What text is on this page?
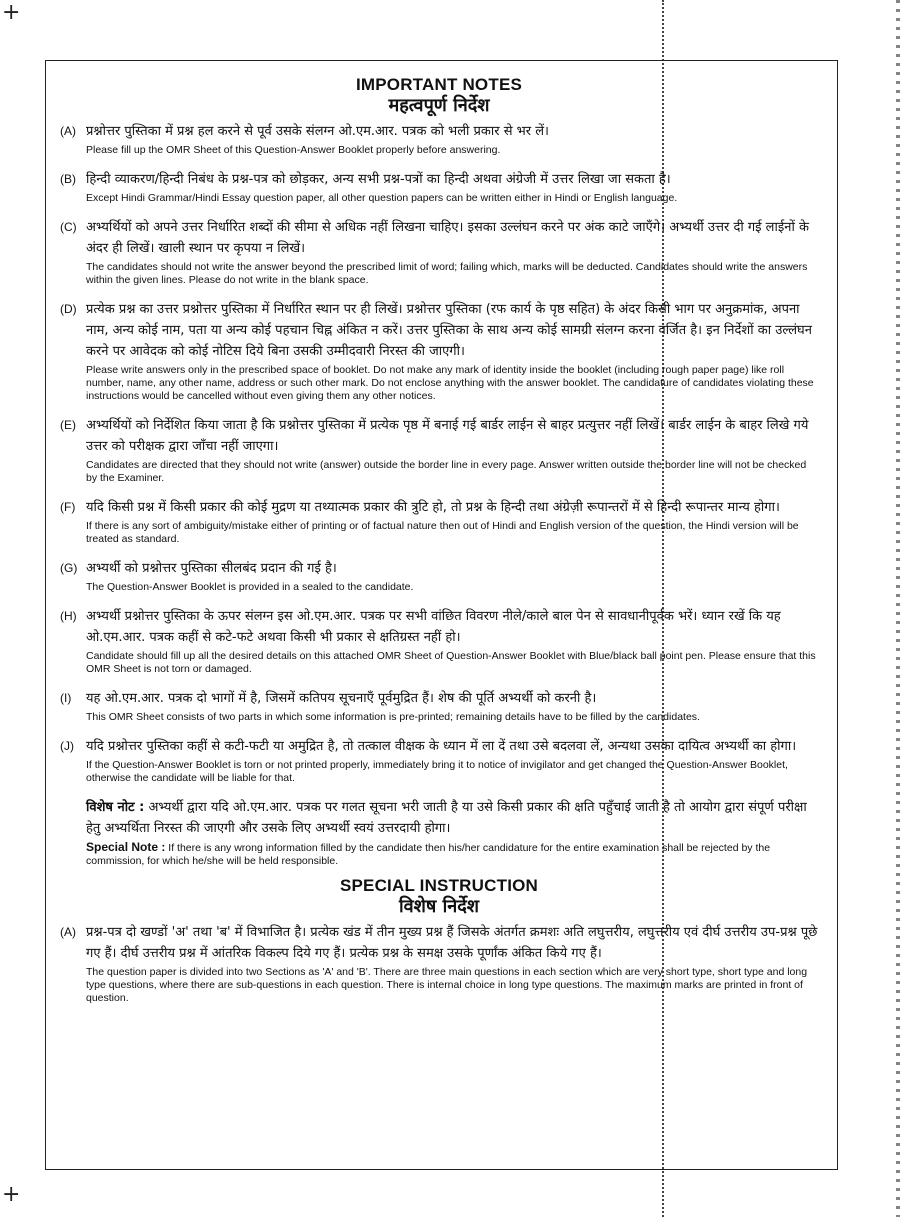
+
+
IMPORTANT NOTES
महत्वपूर्ण निर्देश
(A) प्रश्नोत्तर पुस्तिका में प्रश्न हल करने से पूर्व उसके संलग्न ओ.एम.आर. पत्रक को भली प्रकार से भर लें।

Please fill up the OMR Sheet of this Question-Answer Booklet properly before answering.

(B) हिन्दी व्याकरण/हिन्दी निबंध के प्रश्न-पत्र को छोड़कर, अन्य सभी प्रश्न-पत्रों का हिन्दी अथवा अंग्रेजी में उत्तर लिखा जा सकता है।

Except Hindi Grammar/Hindi Essay question paper, all other question papers can be written either in Hindi or English language.

(C) अभ्यर्थियों को अपने उत्तर निर्धारित शब्दों की सीमा से अधिक नहीं लिखना चाहिए। इसका उल्लंघन करने पर अंक काटे जाएँगे। अभ्यर्थी उत्तर दी गई लाईनों के अंदर ही लिखें। खाली स्थान पर कृपया न लिखें।

The candidates should not write the answer beyond the prescribed limit of word; failing which, marks will be deducted. Candidates should write the answers within the given lines. Please do not write in the blank space.

(D) प्रत्येक प्रश्न का उत्तर प्रश्नोत्तर पुस्तिका में निर्धारित स्थान पर ही लिखें। प्रश्नोत्तर पुस्तिका (रफ कार्य के पृष्ठ सहित) के अंदर किसी भाग पर अनुक्रमांक, अपना नाम, अन्य कोई नाम, पता या अन्य कोई पहचान चिह्न अंकित न करें। उत्तर पुस्तिका के साथ अन्य कोई सामग्री संलग्न करना वर्जित है। इन निर्देशों का उल्लंघन करने पर आवेदक को कोई नोटिस दिये बिना उसकी उम्मीदवारी निरस्त की जाएगी।

Please write answers only in the prescribed space of booklet. Do not make any mark of identity inside the booklet (including rough paper page) like roll number, name, any other name, address or such other mark. Do not enclose anything with the answer booklet. The candidature of candidates violating these instructions would be cancelled without even giving them any other notices.

(E) अभ्यर्थियों को निर्देशित किया जाता है कि प्रश्नोत्तर पुस्तिका में प्रत्येक पृष्ठ में बनाई गई बार्डर लाईन से बाहर प्रत्युत्तर नहीं लिखें। बार्डर लाईन के बाहर लिखे गये उत्तर को परीक्षक द्वारा जाँचा नहीं जाएगा।

Candidates are directed that they should not write (answer) outside the border line in every page. Answer written outside the border line will not be checked by the Examiner.

(F) यदि किसी प्रश्न में किसी प्रकार की कोई मुद्रण या तथ्यात्मक प्रकार की त्रुटि हो, तो प्रश्न के हिन्दी तथा अंग्रेज़ी रूपान्तरों में से हिन्दी रूपान्तर मान्य होगा।

If there is any sort of ambiguity/mistake either of printing or of factual nature then out of Hindi and English version of the question, the Hindi version will be treated as standard.

(G) अभ्यर्थी को प्रश्नोत्तर पुस्तिका सीलबंद प्रदान की गई है।

The Question-Answer Booklet is provided in a sealed to the candidate.

(H) अभ्यर्थी प्रश्नोत्तर पुस्तिका के ऊपर संलग्न इस ओ.एम.आर. पत्रक पर सभी वांछित विवरण नीले/काले बाल पेन से सावधानीपूर्वक भरें। ध्यान रखें कि यह ओ.एम.आर. पत्रक कहीं से कटे-फटे अथवा किसी भी प्रकार से क्षतिग्रस्त नहीं हो।

Candidate should fill up all the desired details on this attached OMR Sheet of Question-Answer Booklet with Blue/black ball point pen. Please ensure that this OMR Sheet is not torn or damaged.

(I)	यह ओ.एम.आर. पत्रक दो भागों में है, जिसमें कतिपय सूचनाएँ पूर्वमुद्रित हैं। शेष की पूर्ति अभ्यर्थी को करनी है।

This OMR Sheet consists of two parts in which some information is pre-printed; remaining details have to be filled by the candidates.

(J) यदि प्रश्नोत्तर पुस्तिका कहीं से कटी-फटी या अमुद्रित है, तो तत्काल वीक्षक के ध्यान में ला दें तथा उसे बदलवा लें, अन्यथा उसका दायित्व अभ्यर्थी का होगा।

If the Question-Answer Booklet is torn or not printed properly, immediately bring it to notice of invigilator and get changed the Question-Answer Booklet, otherwise the candidate will be liable for that.

विशेष नोट : अभ्यर्थी द्वारा यदि ओ.एम.आर. पत्रक पर गलत सूचना भरी जाती है या उसे किसी प्रकार की क्षति पहुँचाई जाती है तो आयोग द्वारा संपूर्ण परीक्षा हेतु अभ्यर्थिता निरस्त की जाएगी और उसके लिए अभ्यर्थी स्वयं उत्तरदायी होगा।

Special Note : If there is any wrong information filled by the candidate then his/her candidature for the entire examination shall be rejected by the commission, for which he/she will be held responsible.

SPECIAL INSTRUCTION
विशेष निर्देश
(A) प्रश्न-पत्र दो खण्डों 'अ' तथा 'ब' में विभाजित है। प्रत्येक खंड में तीन मुख्य प्रश्न हैं जिसके अंतर्गत क्रमशः अति लघुत्तरीय, लघुत्तरीय एवं दीर्घ उत्तरीय उप-प्रश्न पूछे गए हैं। दीर्घ उत्तरीय प्रश्न में आंतरिक विकल्प दिये गए हैं। प्रत्येक प्रश्न के समक्ष उसके पूर्णांक अंकित किये गए हैं।

The question paper is divided into two Sections as 'A' and 'B'. There are three main questions in each section which are very short type, short type and long type questions, where there are sub-questions in each question. There is internal choice in long type questions. The maximum marks are printed in front of question.
